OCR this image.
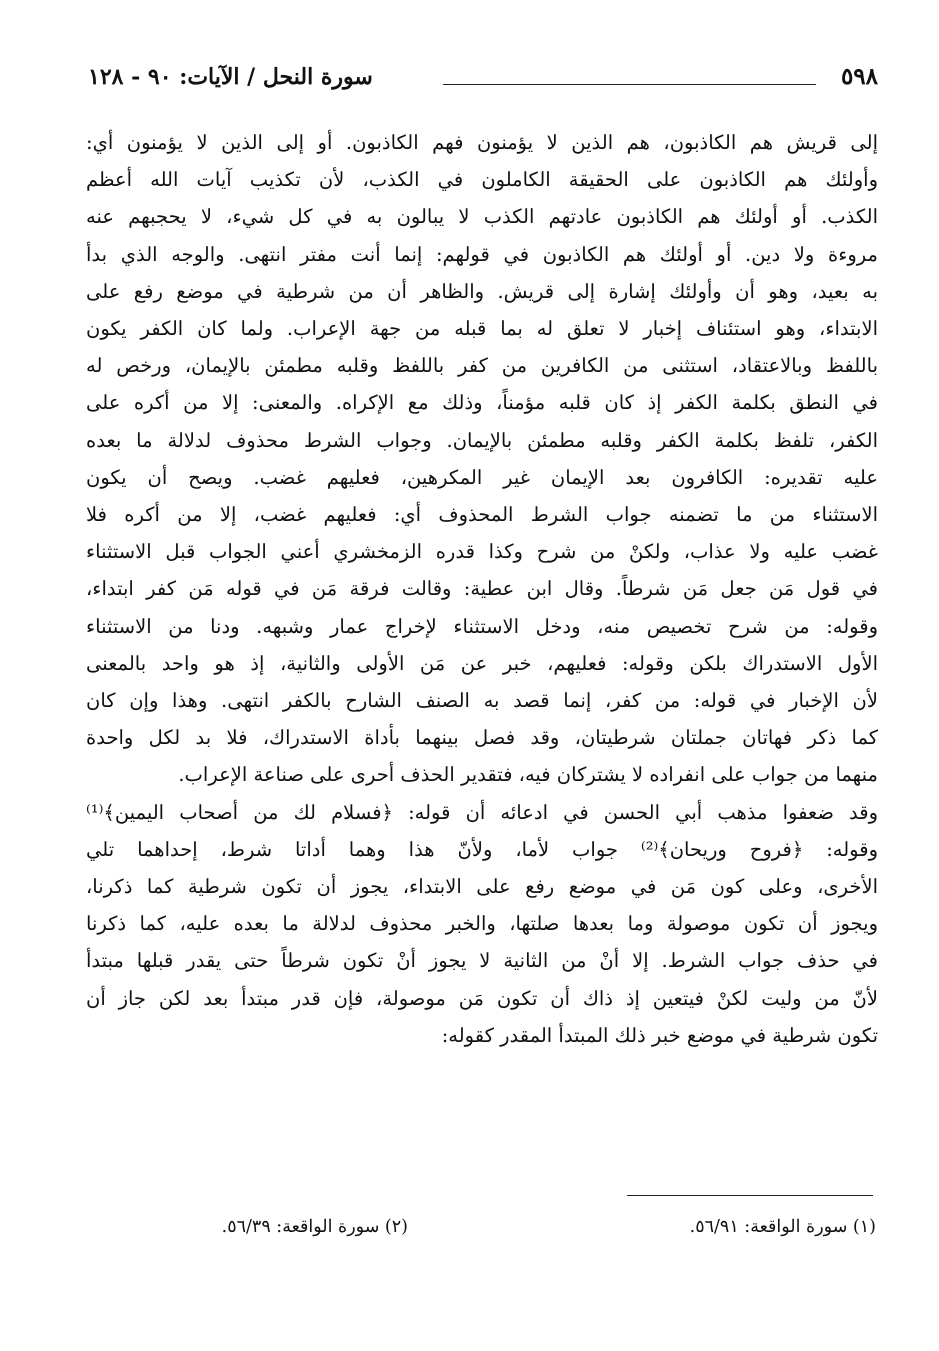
٥٩٨
سورة النحل / الآيات: ٩٠ - ١٢٨
إلى قريش هم الكاذبون، هم الذين لا يؤمنون فهم الكاذبون. أو إلى الذين لا يؤمنون أي:
وأولئك هم الكاذبون على الحقيقة الكاملون في الكذب، لأن تكذيب آيات الله أعظم
الكذب. أو أولئك هم الكاذبون عادتهم الكذب لا يبالون به في كل شيء، لا يحجبهم عنه
مروءة ولا دين. أو أولئك هم الكاذبون في قولهم: إنما أنت مفتر انتهى. والوجه الذي بدأ
به بعيد، وهو أن وأولئك إشارة إلى قريش. والظاهر أن من شرطية في موضع رفع على
الابتداء، وهو استئناف إخبار لا تعلق له بما قبله من جهة الإعراب. ولما كان الكفر يكون
باللفظ وبالاعتقاد، استثنى من الكافرين من كفر باللفظ وقلبه مطمئن بالإيمان، ورخص له
في النطق بكلمة الكفر إذ كان قلبه مؤمناً، وذلك مع الإكراه. والمعنى: إلا من أكره على
الكفر، تلفظ بكلمة الكفر وقلبه مطمئن بالإيمان. وجواب الشرط محذوف لدلالة ما بعده
عليه تقديره: الكافرون بعد الإيمان غير المكرهين، فعليهم غضب. ويصح أن يكون
الاستثناء من ما تضمنه جواب الشرط المحذوف أي: فعليهم غضب، إلا من أكره فلا
غضب عليه ولا عذاب، ولكنْ من شرح وكذا قدره الزمخشري أعني الجواب قبل الاستثناء
في قول مَن جعل مَن شرطاً. وقال ابن عطية: وقالت فرقة مَن في قوله مَن كفر ابتداء،
وقوله: من شرح تخصيص منه، ودخل الاستثناء لإخراج عمار وشبهه. ودنا من الاستثناء
الأول الاستدراك بلكن وقوله: فعليهم، خبر عن مَن الأولى والثانية، إذ هو واحد بالمعنى
لأن الإخبار في قوله: من كفر، إنما قصد به الصنف الشارح بالكفر انتهى. وهذا وإن كان
كما ذكر فهاتان جملتان شرطيتان، وقد فصل بينهما بأداة الاستدراك، فلا بد لكل واحدة
منهما من جواب على انفراده لا يشتركان فيه، فتقدير الحذف أحرى على صناعة الإعراب.
وقد ضعفوا مذهب أبي الحسن في ادعائه أن قوله: ﴿فسلام لك من أصحاب اليمين﴾⁽¹⁾
وقوله: ﴿فروح وريحان﴾⁽²⁾ جواب لأما، ولأنّ هذا وهما أداتا شرط، إحداهما تلي
الأخرى، وعلى كون مَن في موضع رفع على الابتداء، يجوز أن تكون شرطية كما ذكرنا،
ويجوز أن تكون موصولة وما بعدها صلتها، والخبر محذوف لدلالة ما بعده عليه، كما ذكرنا
في حذف جواب الشرط. إلا أنْ من الثانية لا يجوز أنْ تكون شرطاً حتى يقدر قبلها مبتدأ
لأنّ من وليت لكنْ فيتعين إذ ذاك أن تكون مَن موصولة، فإن قدر مبتدأ بعد لكن جاز أن
تكون شرطية في موضع خبر ذلك المبتدأ المقدر كقوله:
(١) سورة الواقعة: ٥٦/٩١.
(٢) سورة الواقعة: ٥٦/٣٩.
